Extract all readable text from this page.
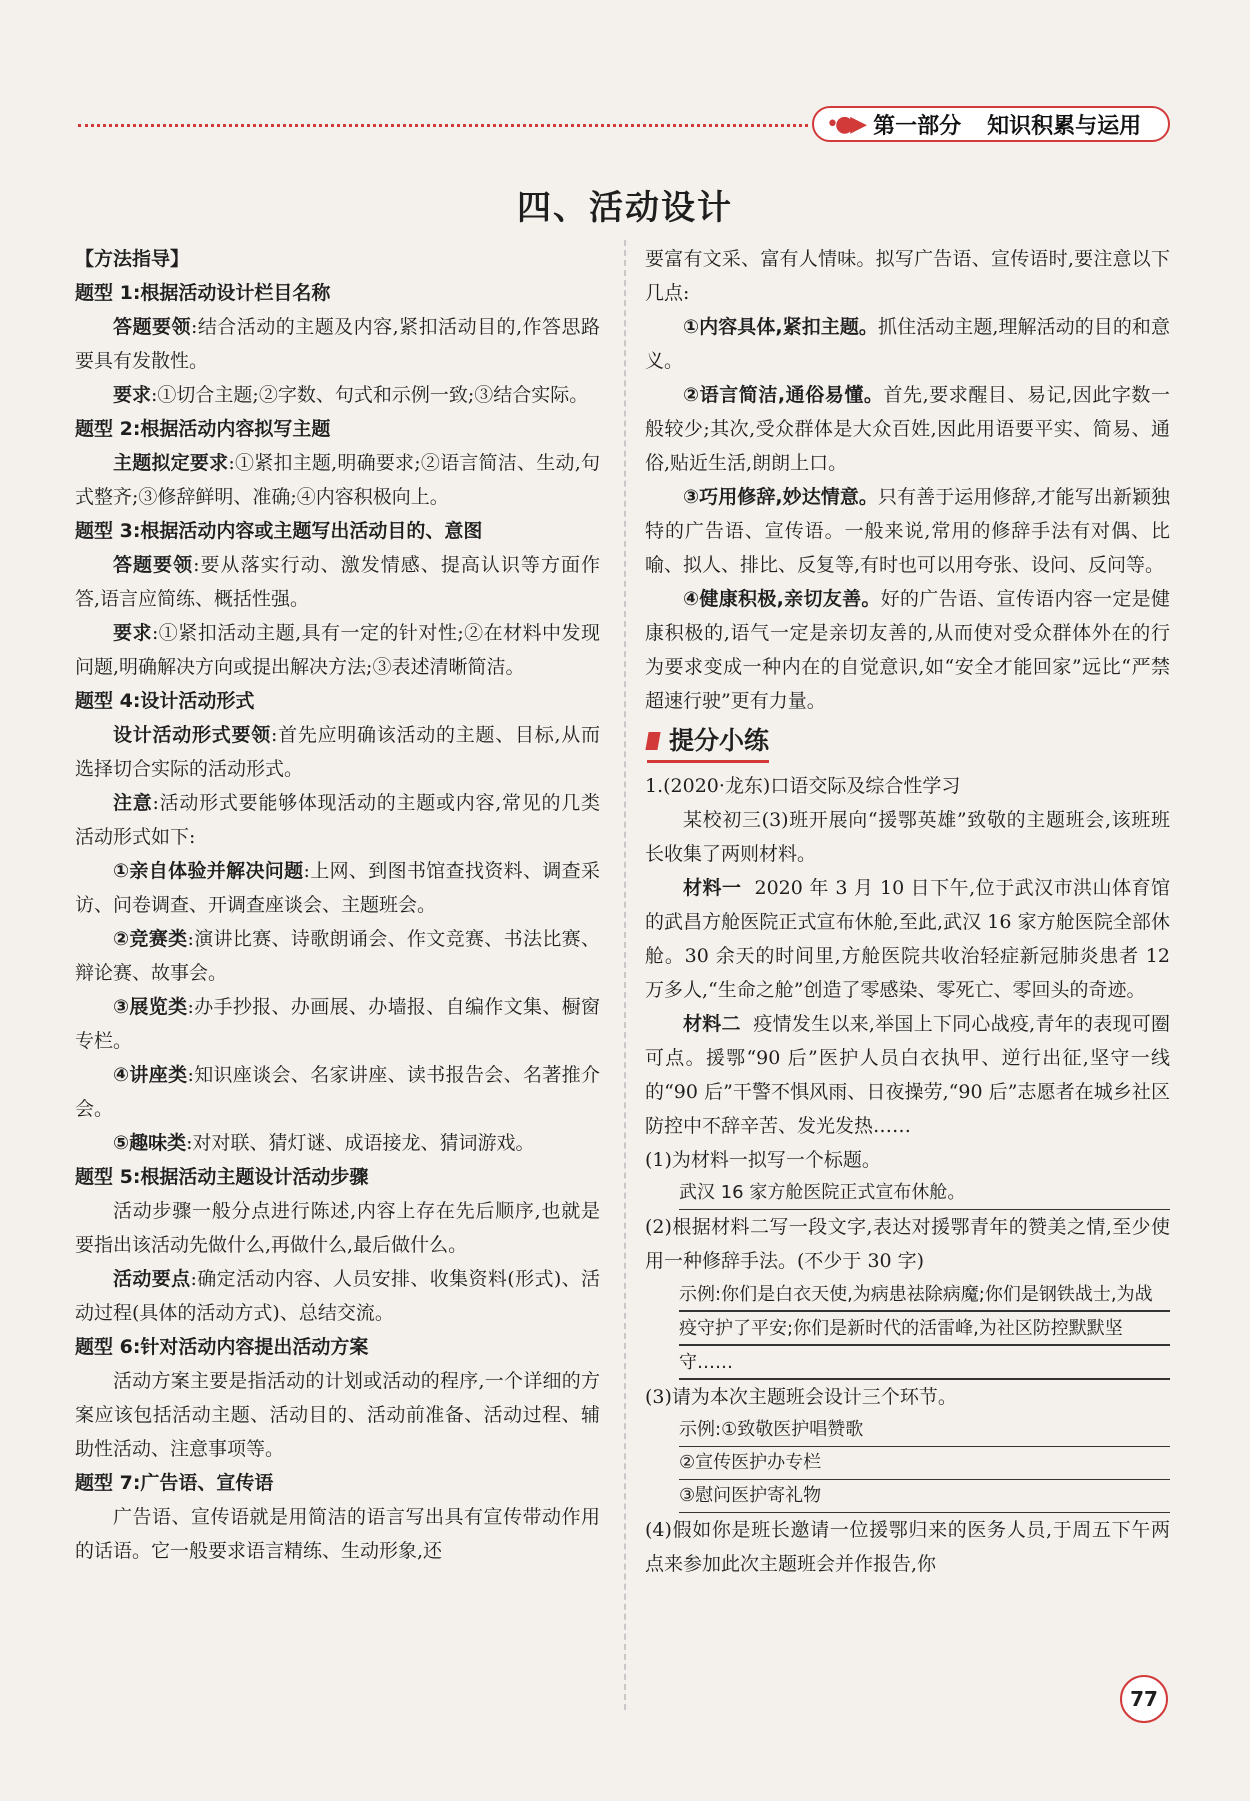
•●▶ 第一部分 知识积累与运用
四、活动设计

【方法指导】

题型 1:根据活动设计栏目名称

答题要领:结合活动的主题及内容,紧扣活动目的,作答思路要具有发散性。

要求:①切合主题;②字数、句式和示例一致;③结合实际。

题型 2:根据活动内容拟写主题

主题拟定要求:①紧扣主题,明确要求;②语言简洁、生动,句式整齐;③修辞鲜明、准确;④内容积极向上。

题型 3:根据活动内容或主题写出活动目的、意图

答题要领:要从落实行动、激发情感、提高认识等方面作答,语言应简练、概括性强。

要求:①紧扣活动主题,具有一定的针对性;②在材料中发现问题,明确解决方向或提出解决方法;③表述清晰简洁。

题型 4:设计活动形式

设计活动形式要领:首先应明确该活动的主题、目标,从而选择切合实际的活动形式。

注意:活动形式要能够体现活动的主题或内容,常见的几类活动形式如下:

①亲自体验并解决问题:上网、到图书馆查找资料、调查采访、问卷调查、开调查座谈会、主题班会。

②竞赛类:演讲比赛、诗歌朗诵会、作文竞赛、书法比赛、辩论赛、故事会。

③展览类:办手抄报、办画展、办墙报、自编作文集、橱窗专栏。

④讲座类:知识座谈会、名家讲座、读书报告会、名著推介会。

⑤趣味类:对对联、猜灯谜、成语接龙、猜词游戏。

题型 5:根据活动主题设计活动步骤

活动步骤一般分点进行陈述,内容上存在先后顺序,也就是要指出该活动先做什么,再做什么,最后做什么。

活动要点:确定活动内容、人员安排、收集资料(形式)、活动过程(具体的活动方式)、总结交流。

题型 6:针对活动内容提出活动方案

活动方案主要是指活动的计划或活动的程序,一个详细的方案应该包括活动主题、活动目的、活动前准备、活动过程、辅助性活动、注意事项等。

题型 7:广告语、宣传语

广告语、宣传语就是用简洁的语言写出具有宣传带动作用的话语。它一般要求语言精练、生动形象,还

要富有文采、富有人情味。拟写广告语、宣传语时,要注意以下几点:

①内容具体,紧扣主题。抓住活动主题,理解活动的目的和意义。

②语言简洁,通俗易懂。首先,要求醒目、易记,因此字数一般较少;其次,受众群体是大众百姓,因此用语要平实、简易、通俗,贴近生活,朗朗上口。

③巧用修辞,妙达情意。只有善于运用修辞,才能写出新颖独特的广告语、宣传语。一般来说,常用的修辞手法有对偶、比喻、拟人、排比、反复等,有时也可以用夸张、设问、反问等。

④健康积极,亲切友善。好的广告语、宣传语内容一定是健康积极的,语气一定是亲切友善的,从而使对受众群体外在的行为要求变成一种内在的自觉意识,如“安全才能回家”远比“严禁超速行驶”更有力量。

提分小练

1.(2020·龙东)口语交际及综合性学习

某校初三(3)班开展向“援鄂英雄”致敬的主题班会,该班班长收集了两则材料。

材料一 2020 年 3 月 10 日下午,位于武汉市洪山体育馆的武昌方舱医院正式宣布休舱,至此,武汉 16 家方舱医院全部休舱。30 余天的时间里,方舱医院共收治轻症新冠肺炎患者 12 万多人,“生命之舱”创造了零感染、零死亡、零回头的奇迹。

材料二 疫情发生以来,举国上下同心战疫,青年的表现可圈可点。援鄂“90 后”医护人员白衣执甲、逆行出征,坚守一线的“90 后”干警不惧风雨、日夜操劳,“90 后”志愿者在城乡社区防控中不辞辛苦、发光发热……

(1)为材料一拟写一个标题。

武汉 16 家方舱医院正式宣布休舱。

(2)根据材料二写一段文字,表达对援鄂青年的赞美之情,至少使用一种修辞手法。(不少于 30 字)

示例:你们是白衣天使,为病患祛除病魔;你们是钢铁战士,为战疫守护了平安;你们是新时代的活雷峰,为社区防控默默坚守……

(3)请为本次主题班会设计三个环节。

示例:①致敬医护唱赞歌
②宣传医护办专栏
③慰问医护寄礼物

(4)假如你是班长邀请一位援鄂归来的医务人员,于周五下午两点来参加此次主题班会并作报告,你

77
